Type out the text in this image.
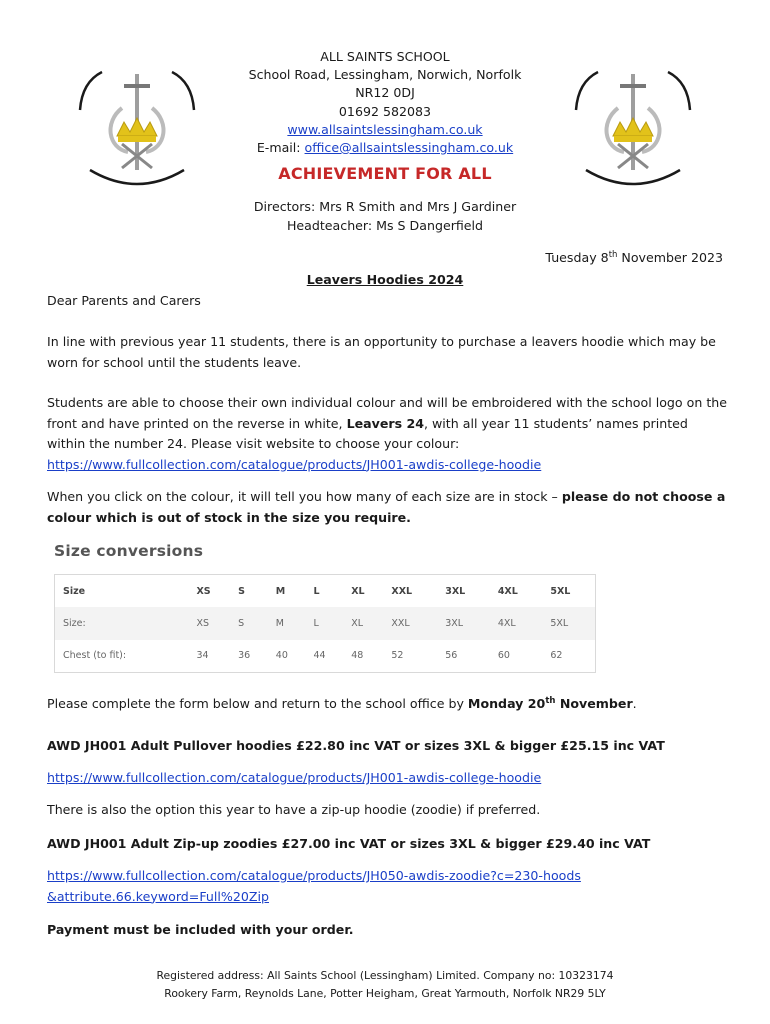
ALL SAINTS SCHOOL
School Road, Lessingham, Norwich, Norfolk
NR12 0DJ
01692 582083
www.allsaintslessingham.co.uk
E-mail: office@allsaintslessingham.co.uk
ACHIEVEMENT FOR ALL
Directors: Mrs R Smith and Mrs J Gardiner
Headteacher: Ms S Dangerfield
Tuesday 8th November 2023
Leavers Hoodies 2024
Dear Parents and Carers
In line with previous year 11 students, there is an opportunity to purchase a leavers hoodie which may be worn for school until the students leave.
Students are able to choose their own individual colour and will be embroidered with the school logo on the front and have printed on the reverse in white, Leavers 24, with all year 11 students’ names printed within the number 24. Please visit website to choose your colour:
https://www.fullcollection.com/catalogue/products/JH001-awdis-college-hoodie
When you click on the colour, it will tell you how many of each size are in stock – please do not choose a colour which is out of stock in the size you require.
Size conversions
Size	XS	S	M	L	XL	XXL	3XL	4XL	5XL
Size:	XS	S	M	L	XL	XXL	3XL	4XL	5XL
Chest (to fit):	34	36	40	44	48	52	56	60	62
Please complete the form below and return to the school office by Monday 20th November.
AWD JH001 Adult Pullover hoodies £22.80 inc VAT or sizes 3XL & bigger £25.15 inc VAT
https://www.fullcollection.com/catalogue/products/JH001-awdis-college-hoodie
There is also the option this year to have a zip-up hoodie (zoodie) if preferred.
AWD JH001 Adult Zip-up zoodies £27.00 inc VAT or sizes 3XL & bigger £29.40 inc VAT
https://www.fullcollection.com/catalogue/products/JH050-awdis-zoodie?c=230-hoods&attribute.66.keyword=Full%20Zip
Payment must be included with your order.
Registered address: All Saints School (Lessingham) Limited. Company no: 10323174
Rookery Farm, Reynolds Lane, Potter Heigham, Great Yarmouth, Norfolk NR29 5LY
